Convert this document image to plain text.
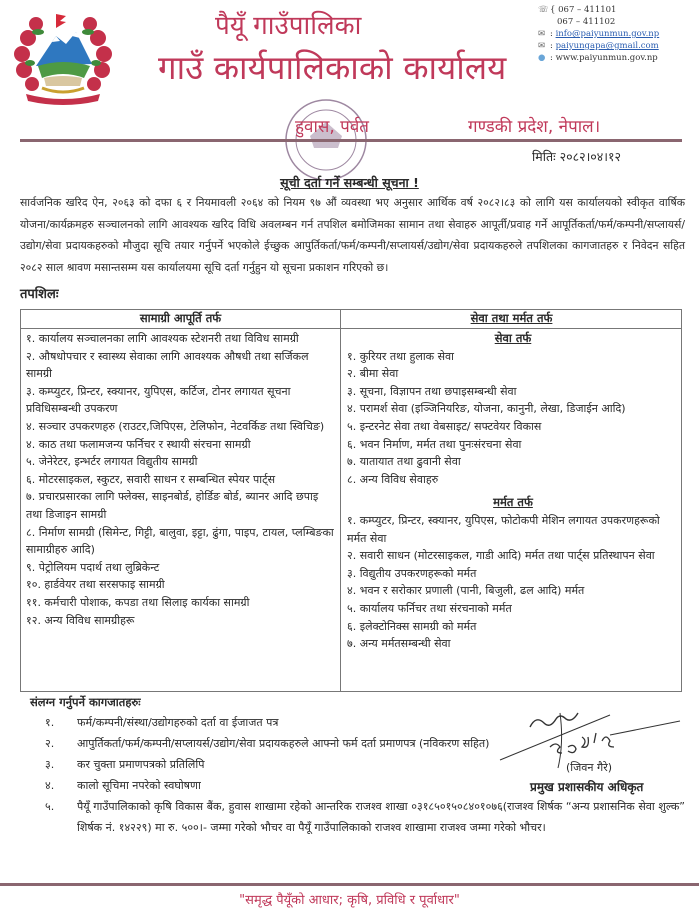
पैयूँ गाउँपालिका
गाउँ कार्यपालिकाको कार्यालय
☏{ 067 – 411101
067 – 411102
✉ : info@paiyunmun.gov.np
✉ : paiyungapa@gmail.com
● : www.paiyunmun.gov.np
हुवास, पर्वत	गण्डकी प्रदेश, नेपाल।
मितिः २०८२।०४।१२
सूची दर्ता गर्ने सम्बन्धी सूचना !
सार्वजनिक खरिद ऐन, २०६३ को दफा ६ र नियमावली २०६४ को नियम ९७ औं व्यवस्था भए अनुसार आर्थिक वर्ष २०८२।८३ को लागि यस कार्यालयको स्वीकृत वार्षिक योजना/कार्यक्रमहरु सञ्चालनको लागि आवश्यक खरिद विधि अवलम्बन गर्न तपशिल बमोजिमका सामान तथा सेवाहरु आपूर्ती/प्रवाह गर्ने आपूर्तिकर्ता/फर्म/कम्पनी/सप्लायर्स/उद्योग/सेवा प्रदायकहरुको मौजुदा सूचि तयार गर्नुपर्ने भएकोले ईच्छुक आपुर्तिकर्ता/फर्म/कम्पनी/सप्लायर्स/उद्योग/सेवा प्रदायकहरुले तपशिलका कागजातहरु र निवेदन सहित २०८२ साल श्रावण मसान्तसम्म यस कार्यालयमा सूचि दर्ता गर्नुहुन यो सूचना प्रकाशन गरिएको छ।
तपशिलः
सामाग्री आपूर्ति तर्फ	सेवा तथा मर्मत तर्फ
१. कार्यालय सञ्चालनका लागि आवश्यक स्टेशनरी तथा विविध सामग्री
२. औषधोपचार र स्वास्थ्य सेवाका लागि आवश्यक औषधी तथा सर्जिकल सामग्री
३. कम्प्युटर, प्रिन्टर, स्क्यानर, युपिएस, कर्टिज, टोनर लगायत सूचना प्रविधिसम्बन्धी उपकरण
४. सञ्चार उपकरणहरु (राउटर,जिपिएस, टेलिफोन, नेटवर्किङ तथा स्विचिङ)
४. काठ तथा फलामजन्य फर्निचर र स्थायी संरचना सामग्री
५. जेनेरेटर, इन्भर्टर लगायत विद्युतीय सामग्री
६. मोटरसाइकल, स्कुटर, सवारी साधन र सम्बन्धित स्पेयर पार्ट्स
७. प्रचारप्रसारका लागि फ्लेक्स, साइनबोर्ड, होर्डिङ बोर्ड, ब्यानर आदि छपाइ तथा डिजाइन सामग्री
८. निर्माण सामग्री (सिमेन्ट, गिट्टी, बालुवा, इट्टा, ढुंगा, पाइप, टायल, प्लम्बिङका सामाग्रीहरु आदि)
९. पेट्रोलियम पदार्थ तथा लुब्रिकेन्ट
१०. हार्डवेयर तथा सरसफाइ सामग्री
११. कर्मचारी पोशाक, कपडा तथा सिलाइ कार्यका सामग्री
१२. अन्य विविध सामग्रीहरू
सेवा तर्फ
१. कुरियर तथा हुलाक सेवा
२. बीमा सेवा
३. सूचना, विज्ञापन तथा छपाइसम्बन्धी सेवा
४. परामर्श सेवा (इञ्जिनियरिङ, योजना, कानुनी, लेखा, डिजाईन आदि)
५. इन्टरनेट सेवा तथा वेबसाइट/ सफ्टवेयर विकास
६. भवन निर्माण, मर्मत तथा पुनःसंरचना सेवा
७. यातायात तथा ढुवानी सेवा
८. अन्य विविध सेवाहरु
मर्मत तर्फ
१. कम्प्युटर, प्रिन्टर, स्क्यानर, युपिएस, फोटोकपी मेशिन लगायत उपकरणहरूको मर्मत सेवा
२. सवारी साधन (मोटरसाइकल, गाडी आदि) मर्मत तथा पार्ट्स प्रतिस्थापन सेवा
३. विद्युतीय उपकरणहरूको मर्मत
४. भवन र सरोकार प्रणाली (पानी, बिजुली, ढल आदि) मर्मत
५. कार्यालय फर्निचर तथा संरचनाको मर्मत
६. इलेक्टोनिक्स सामग्री को मर्मत
७. अन्य मर्मतसम्बन्धी सेवा
संलग्न गर्नुपर्ने कागजातहरुः
१.	फर्म/कम्पनी/संस्था/उद्योगहरुको दर्ता वा ईजाजत पत्र
२.	आपुर्तिकर्ता/फर्म/कम्पनी/सप्लायर्स/उद्योग/सेवा प्रदायकहरुले आफ्नो फर्म दर्ता प्रमाणपत्र (नविकरण सहित)
३.	कर चुक्ता प्रमाणपत्रको प्रतिलिपि
४.	कालो सूचिमा नपरेको स्वघोषणा
५.	पैयूँ गाउँपालिकाको कृषि विकास बैंक, हुवास शाखामा रहेको आन्तरिक राजश्व शाखा ०३१८५०१५०८४०१०७६(राजश्व शिर्षक “अन्य प्रशासनिक सेवा शुल्क” शिर्षक नं. १४२२९) मा रु. ५००।- जम्मा गरेको भौचर वा पैयूँ गाउँपालिकाको राजश्व शाखामा राजश्व जम्मा गरेको भौचर।
(जिवन गैरे)
प्रमुख प्रशासकीय अधिकृत
"समृद्ध पैयूँको आधार; कृषि, प्रविधि र पूर्वाधार"
